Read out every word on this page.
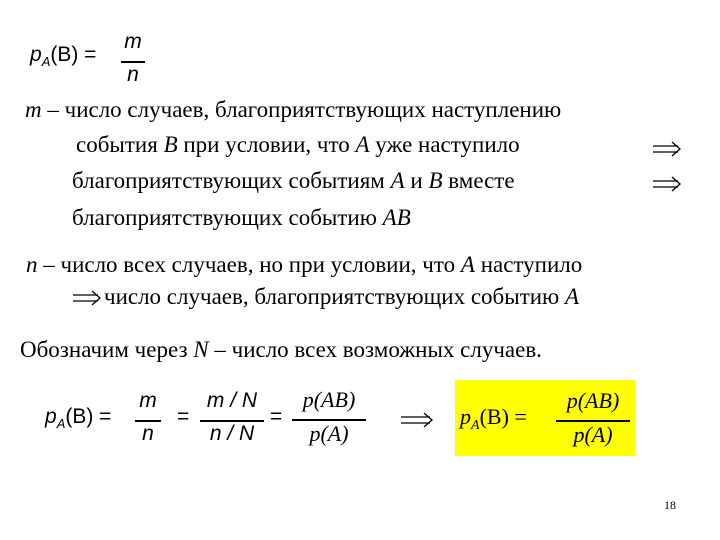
$p_A(B)$ =
m
n
m – число случаев, благоприятствующих наступлению
события B при условии, что A уже наступило
благоприятствующих событиям A и B вместе
благоприятствующих событию AB
n – число всех случаев, но при условии, что A наступило
число случаев, благоприятствующих событию A
Обозначим через N – число всех возможных случаев.
$p_A(B)$ =
m
n
=
m / N
n / N
=
p(AB)
p(A)
$p_A(B)$ =
p(AB)
p(A)
18
